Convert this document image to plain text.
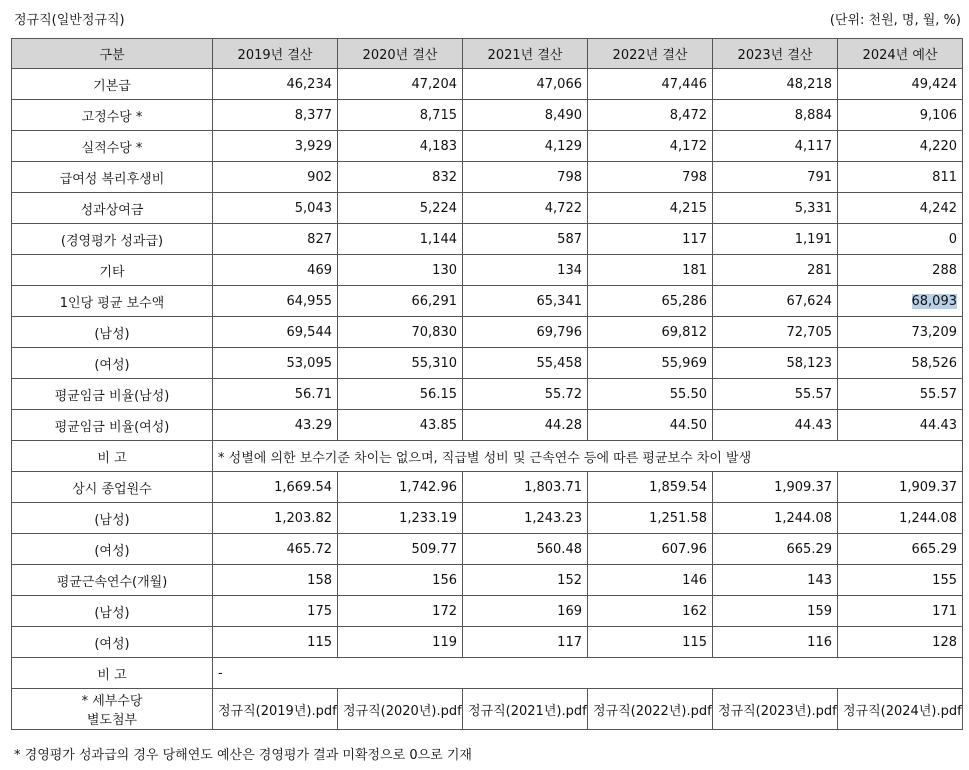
정규직(일반정규직)	(단위: 천원, 명, 월, %)
구분	2019년 결산	2020년 결산	2021년 결산	2022년 결산	2023년 결산	2024년 예산
기본급	46,234	47,204	47,066	47,446	48,218	49,424
고정수당 *	8,377	8,715	8,490	8,472	8,884	9,106
실적수당 *	3,929	4,183	4,129	4,172	4,117	4,220
급여성 복리후생비	902	832	798	798	791	811
성과상여금	5,043	5,224	4,722	4,215	5,331	4,242
(경영평가 성과급)	827	1,144	587	117	1,191	0
기타	469	130	134	181	281	288
1인당 평균 보수액	64,955	66,291	65,341	65,286	67,624	68,093
(남성)	69,544	70,830	69,796	69,812	72,705	73,209
(여성)	53,095	55,310	55,458	55,969	58,123	58,526
평균임금 비율(남성)	56.71	56.15	55.72	55.50	55.57	55.57
평균임금 비율(여성)	43.29	43.85	44.28	44.50	44.43	44.43
비 고	* 성별에 의한 보수기준 차이는 없으며, 직급별 성비 및 근속연수 등에 따른 평균보수 차이 발생					
상시 종업원수	1,669.54	1,742.96	1,803.71	1,859.54	1,909.37	1,909.37
(남성)	1,203.82	1,233.19	1,243.23	1,251.58	1,244.08	1,244.08
(여성)	465.72	509.77	560.48	607.96	665.29	665.29
평균근속연수(개월)	158	156	152	146	143	155
(남성)	175	172	169	162	159	171
(여성)	115	119	117	115	116	128
비 고	-					

* 세부수당
별도첨부	정규직(2019년).pdf	정규직(2020년).pdf	정규직(2021년).pdf	정규직(2022년).pdf	정규직(2023년).pdf	정규직(2024년).pdf
* 경영평가 성과급의 경우 당해연도 예산은 경영평가 결과 미확정으로 0으로 기재
